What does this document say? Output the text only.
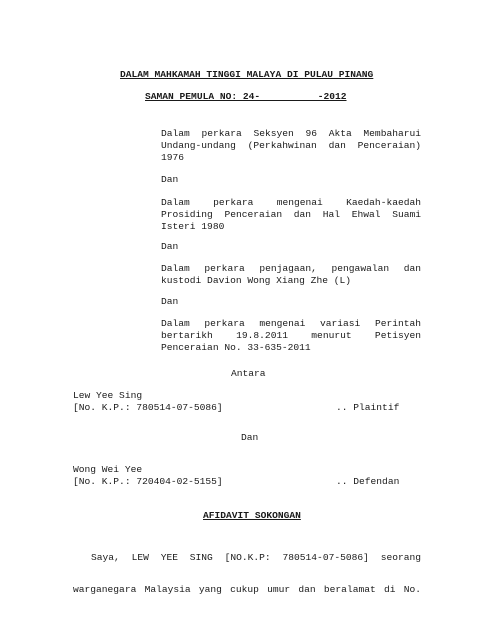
DALAM MAHKAMAH TINGGI MALAYA DI PULAU PINANG
SAMAN PEMULA NO: 24-          -2012
Dalam perkara Seksyen 96 Akta Membaharui
Undang-undang (Perkahwinan dan Penceraian)
1976
Dan
Dalam perkara mengenai Kaedah-kaedah
Prosiding Penceraian dan Hal Ehwal Suami
Isteri 1980
Dan
Dalam perkara penjagaan, pengawalan dan
kustodi Davion Wong Xiang Zhe (L)
Dan
Dalam perkara mengenai variasi Perintah
bertarikh 19.8.2011 menurut Petisyen
Penceraian No. 33-635-2011
Antara
Lew Yee Sing
[No. K.P.: 780514-07-5086]	.. Plaintif
Dan
Wong Wei Yee
[No. K.P.: 720404-02-5155]	.. Defendan
AFIDAVIT SOKONGAN
Saya, LEW YEE SING [NO.K.P: 780514-07-5086] seorang
warganegara Malaysia yang cukup umur dan beralamat di No.
